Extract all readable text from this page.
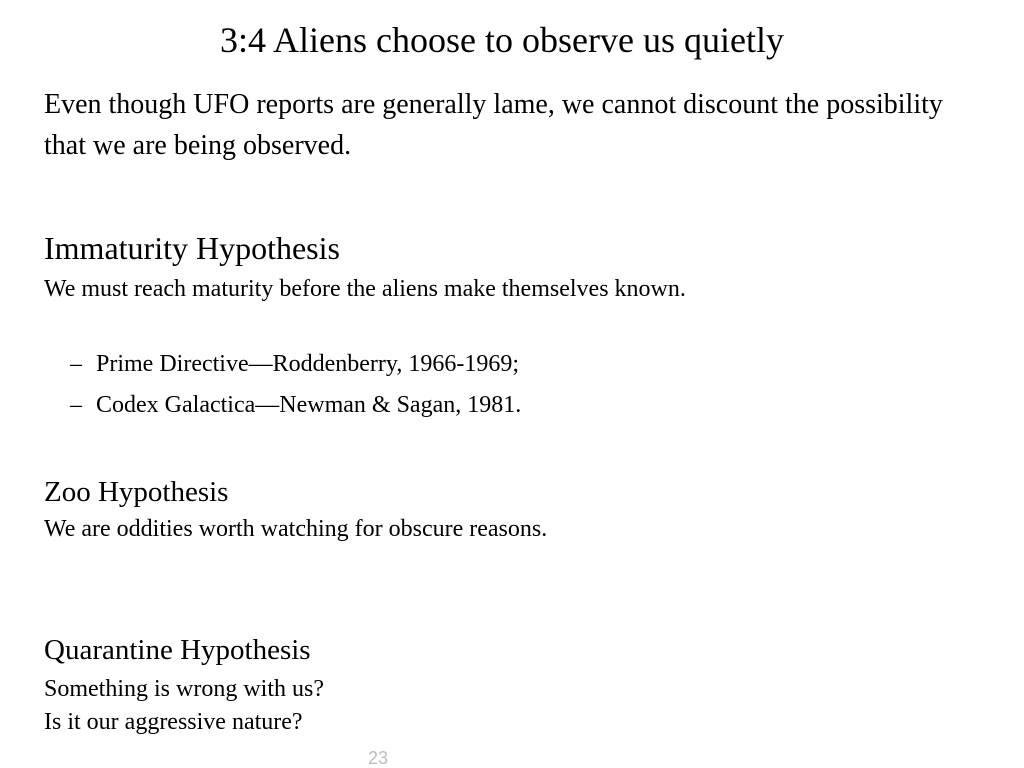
3:4 Aliens choose to observe us quietly
Even though UFO reports are generally lame, we cannot discount the possibility that we are being observed.
Immaturity Hypothesis
We must reach maturity before the aliens make themselves known.
– Prime Directive—Roddenberry, 1966-1969;
– Codex Galactica—Newman & Sagan, 1981.
Zoo Hypothesis
We are oddities worth watching for obscure reasons.
Quarantine Hypothesis
Something is wrong with us?
Is it our aggressive nature?
23
